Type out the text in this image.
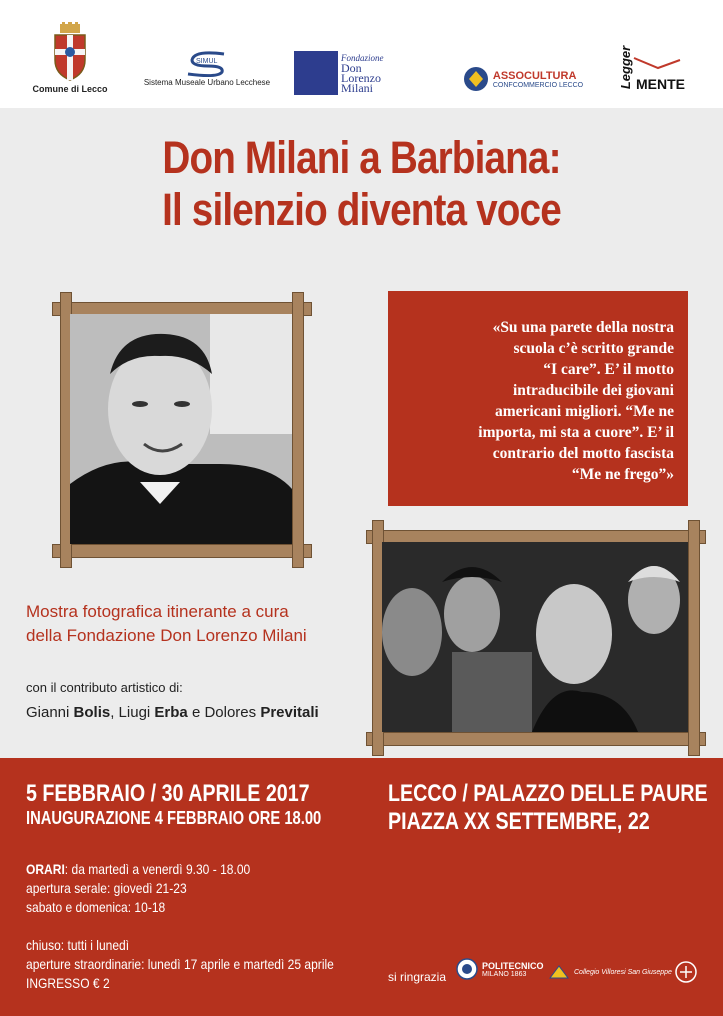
Comune di Lecco
SIMUL
Sistema Museale Urbano Lecchese
Fondazione
Don
Lorenzo
Milani
ASSOCULTURA
CONFCOMMERCIO LECCO	Legger MENTE
Don Milani a Barbiana:
Il silenzio diventa voce
«Su una parete della nostra
scuola c’è scritto grande
“I care”. E’ il motto
intraducibile dei giovani
americani migliori. “Me ne
importa, mi sta a cuore”. E’ il
contrario del motto fascista
“Me ne frego”»
Mostra fotografica itinerante a cura
della Fondazione Don Lorenzo Milani
con il contributo artistico di:
Gianni Bolis, Liugi Erba e Dolores Previtali
5 FEBBRAIO / 30 APRILE 2017
INAUGURAZIONE 4 FEBBRAIO ORE 18.00
LECCO / PALAZZO DELLE PAURE
PIAZZA XX SETTEMBRE, 22
ORARI: da martedì a venerdì 9.30 - 18.00
apertura serale: giovedì 21-23
sabato e domenica: 10-18
chiuso: tutti i lunedì
aperture straordinarie: lunedì 17 aprile e martedì 25 aprile
INGRESSO € 2	si ringrazia
POLITECNICO
MILANO 1863	Collegio Villoresi San Giuseppe
